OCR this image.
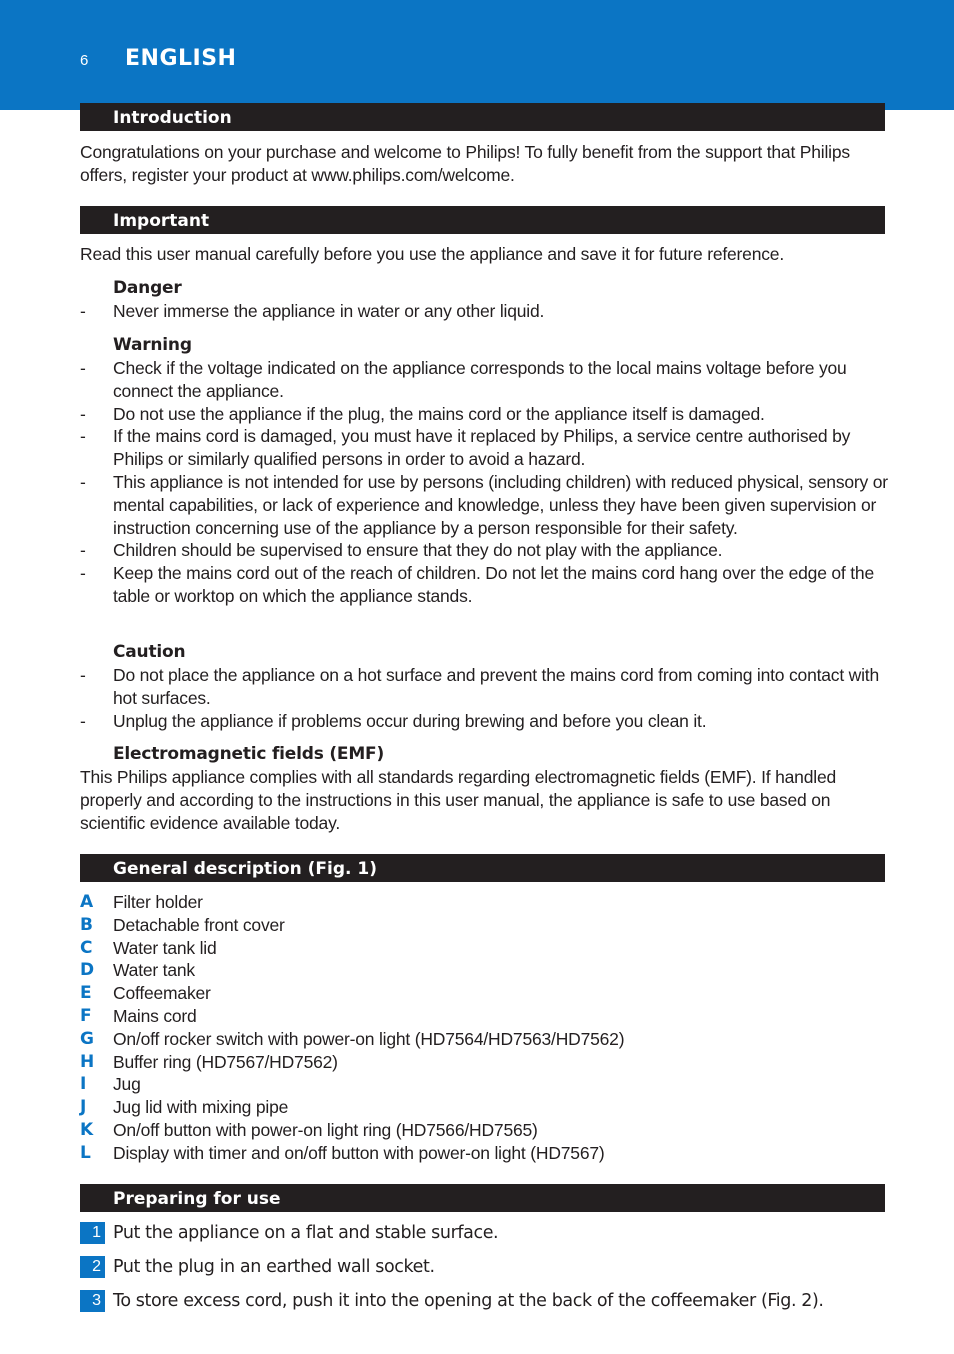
6 ENGLISH
Introduction
Congratulations on your purchase and welcome to Philips! To fully benefit from the support that Philips offers, register your product at www.philips.com/welcome.
Important
Read this user manual carefully before you use the appliance and save it for future reference.
Danger
- Never immerse the appliance in water or any other liquid.
Warning
- Check if the voltage indicated on the appliance corresponds to the local mains voltage before you connect the appliance.
- Do not use the appliance if the plug, the mains cord or the appliance itself is damaged.
- If the mains cord is damaged, you must have it replaced by Philips, a service centre authorised by Philips or similarly qualified persons in order to avoid a hazard.
- This appliance is not intended for use by persons (including children) with reduced physical, sensory or mental capabilities, or lack of experience and knowledge, unless they have been given supervision or instruction concerning use of the appliance by a person responsible for their safety.
- Children should be supervised to ensure that they do not play with the appliance.
- Keep the mains cord out of the reach of children. Do not let the mains cord hang over the edge of the table or worktop on which the appliance stands.
Caution
- Do not place the appliance on a hot surface and prevent the mains cord from coming into contact with hot surfaces.
- Unplug the appliance if problems occur during brewing and before you clean it.
Electromagnetic fields (EMF)
This Philips appliance complies with all standards regarding electromagnetic fields (EMF). If handled properly and according to the instructions in this user manual, the appliance is safe to use based on scientific evidence available today.
General description (Fig. 1)
A Filter holder
B Detachable front cover
C Water tank lid
D Water tank
E Coffeemaker
F Mains cord
G On/off rocker switch with power-on light (HD7564/HD7563/HD7562)
H Buffer ring (HD7567/HD7562)
I Jug
J Jug lid with mixing pipe
K On/off button with power-on light ring (HD7566/HD7565)
L Display with timer and on/off button with power-on light (HD7567)
Preparing for use
1 Put the appliance on a flat and stable surface.
2 Put the plug in an earthed wall socket.
3 To store excess cord, push it into the opening at the back of the coffeemaker (Fig. 2).
